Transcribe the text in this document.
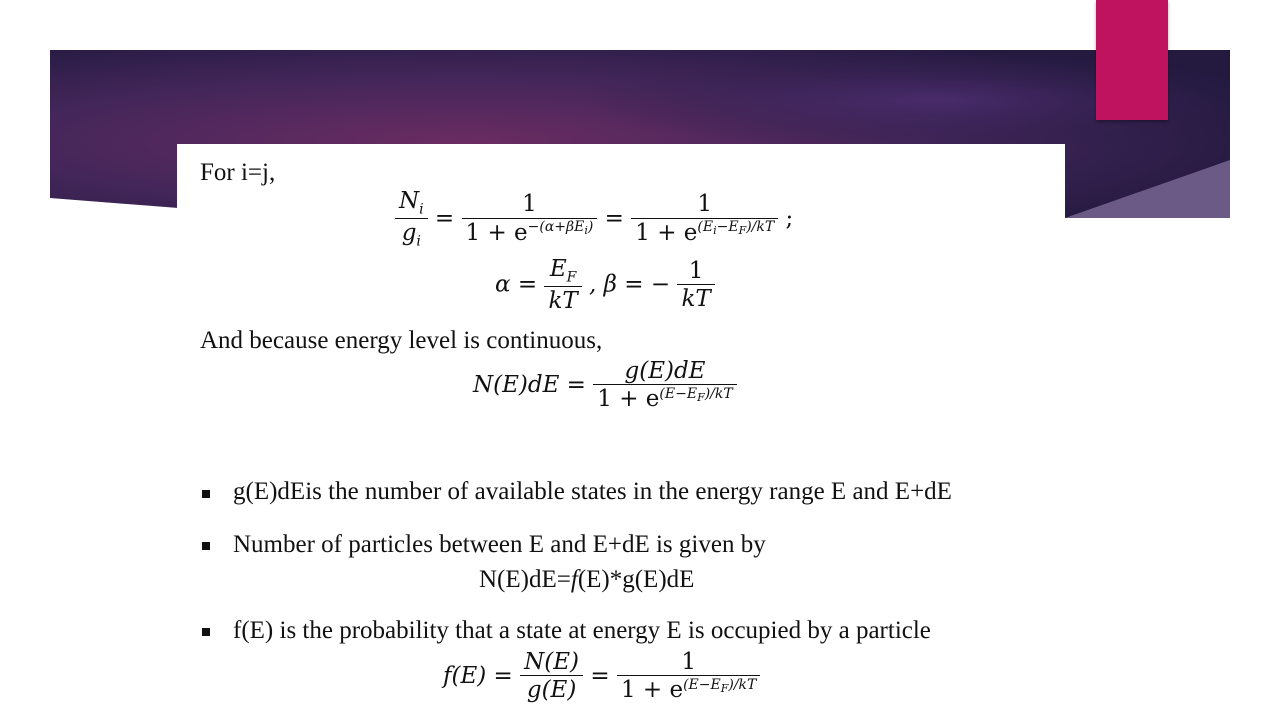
For i=j,
$\frac{N_i}{g_i} = \frac{1}{1 + e^{-(\alpha+\beta E_i)}} = \frac{1}{1 + e^{(E_i-E_F)/kT}}$ ;
$\alpha = \frac{E_F}{kT}$ , β = − $\frac{1}{kT}$
And because energy level is continuous,
$N(E)dE = \frac{g(E)dE}{1 + e^{(E-E_F)/kT}}$
g(E)dEis the number of available states in the energy range E and E+dE
Number of particles between E and E+dE is given by
N(E)dE=f(E)*g(E)dE
f(E) is the probability that a state at energy E is occupied by a particle
$f(E) = \frac{N(E)}{g(E)} = \frac{1}{1 + e^{(E-E_F)/kT}}$
